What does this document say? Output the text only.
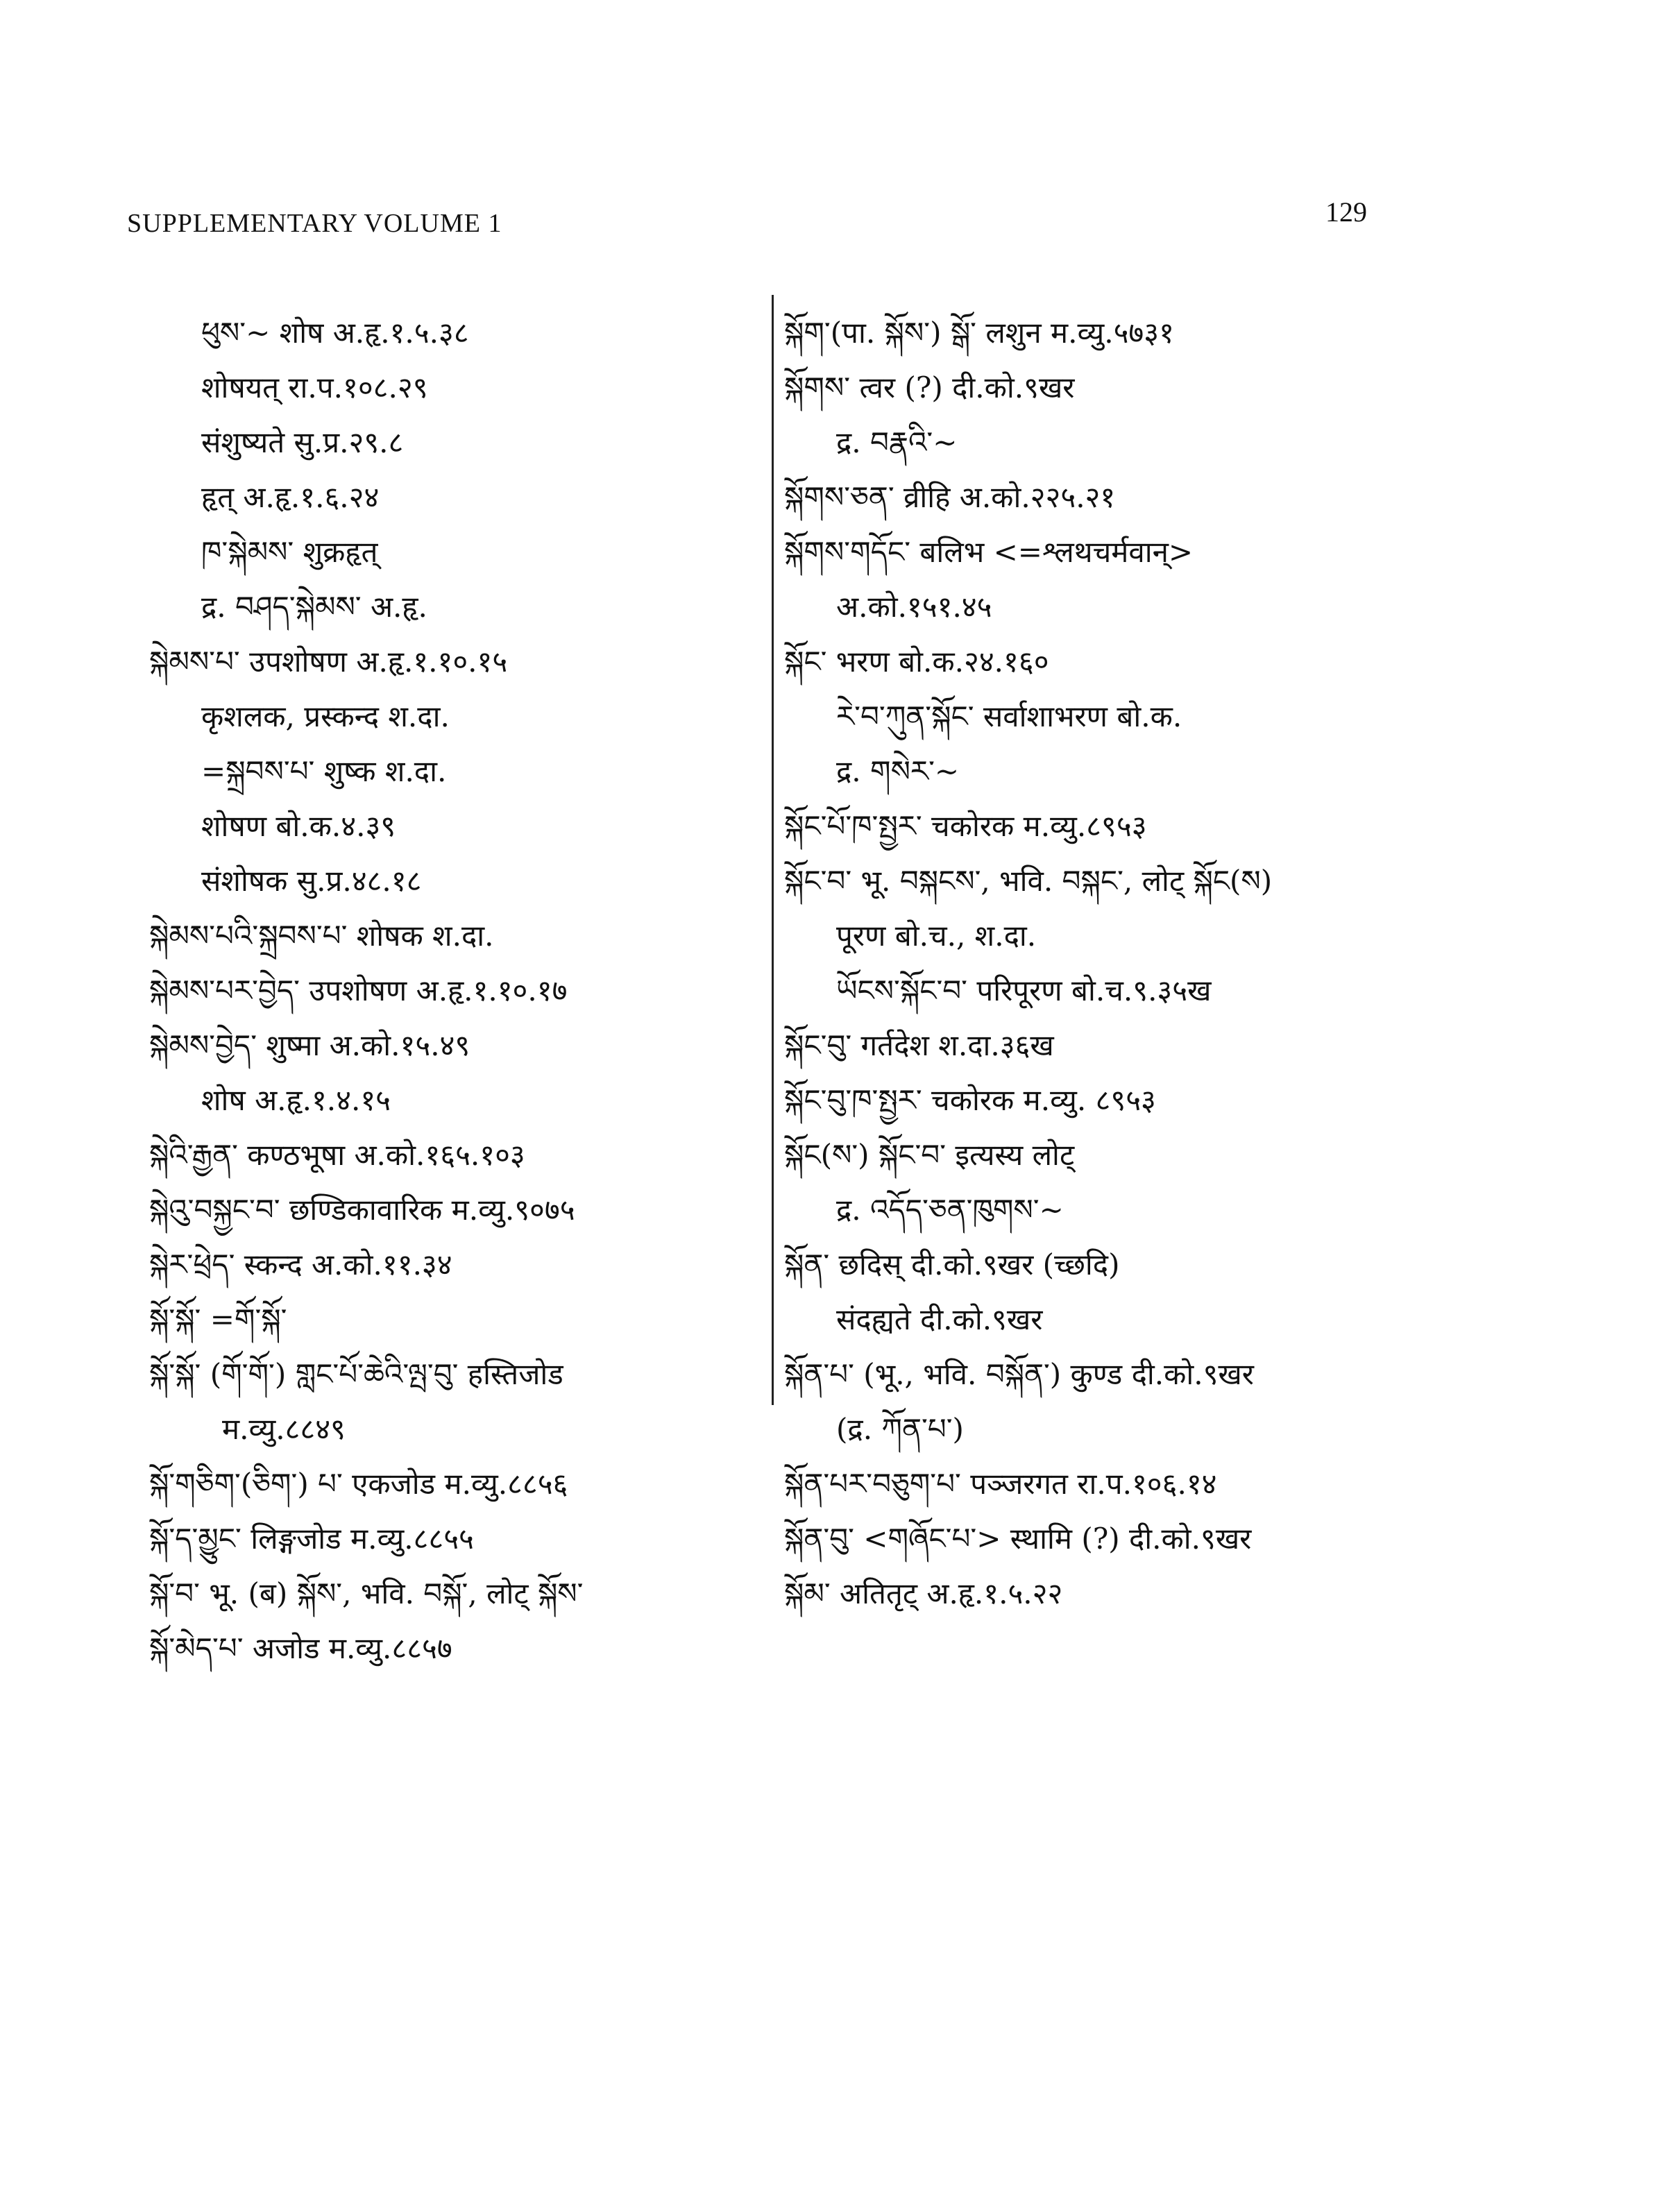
SUPPLEMENTARY VOLUME 1	129
ཕུས་~ शोष अ.हृ.१.५.३८
शोषयत् रा.प.१०८.२९
संशुष्यते सु.प्र.२९.८
हृत् अ.हृ.१.६.२४
ཁ་སྐེམས་ शुक्रहृत्
द्र. བཤད་སྐེམས་ अ.हृ.
སྐེམས་པ་ उपशोषण अ.हृ.१.१०.१५
कृशलक, प्रस्कन्द श.दा.
=སྐྲབས་པ་ शुष्क श.दा.
शोषण बो.क.४.३९
संशोषक सु.प्र.४८.१८
སྐེམས་པའི་སྐྲབས་པ་ शोषक श.दा.
སྐེམས་པར་བྱེད་ उपशोषण अ.हृ.१.१०.१७
སྐེམས་བྱེད་ शुष्मा अ.को.१५.४९
शोष अ.हृ.१.४.१५
སྐེའི་རྒྱན་ कण्ठभूषा अ.को.१६५.१०३
སྐེའུ་བསྐྱང་བ་ छण्डिकावारिक म.व्यु.९०७५
སྐེར་ཕྲེད་ स्कन्द अ.को.११.३४
སྐོ་སྐོ་ =གོ་སྐོ་
སྐོ་སྐོ་ (གོ་གོ་) གླང་པོ་ཆེའི་ལྤ་བུ་ हस्तिजोड
म.व्यु.८८४९
སྐོ་གཅིག་(ཅིག་) པ་ एकजोड म.व्यु.८८५६
སྐོ་ད་མྱུང་ लिङ्गजोड म.व्यु.८८५५
སྐོ་བ་ भू. (ब) སྐོས་, भवि. བསྐོ་, लोट् སྐོས་
སྐོ་མེད་པ་ अजोड म.व्यु.८८५७
སྐོག་(पा. སྐོས་) སྒོ་ लशुन म.व्यु.५७३१
སྐོགས་ त्वर (?) दी.को.९खर
द्र. བརྣའི་~
སྐོགས་ཅན་ व्रीहि अ.को.२२५.२१
སྐོགས་གདོང་ बलिभ <=श्लथचर्मवान्>
अ.को.१५१.४५
སྐོང་ भरण बो.क.२४.१६०
རེ་བ་ཀུན་སྐོང་ सर्वाशाभरण बो.क.
द्र. གསེར་~
སྐོང་པོ་ཁ་སྤྱར་ चकोरक म.व्यु.८९५३
སྐོང་བ་ भू. བསྐངས་, भवि. བསྐང་, लोट् སྐོང(ས)
पूरण बो.च., श.दा.
ཡོངས་སྐོང་བ་ परिपूरण बो.च.९.३५ख
སྐོང་བུ་ गर्तदेश श.दा.३६ख
སྐོང་བུ་ཁ་སྤྱར་ चकोरक म.व्यु. ८९५३
སྐོང(ས་) སྐོང་བ་ इत्यस्य लोट्
द्र. འདོད་ཅན་ཁུགས་~
སྐོན་ छदिस् दी.को.९खर (च्छदि)
संदह्यते दी.को.९खर
སྐོན་པ་ (भू., भवि. བསྐོན་) कुण्ड दी.को.९खर
(द्र. ཀོན་པ་)
སྐོན་པར་བཅུག་པ་ पञ्जरगत रा.प.१०६.१४
སྐོན་བུ་ <གཞོང་པ་> स्थामि (?) दी.को.९खर
སྐོམ་ अतितृट् अ.हृ.१.५.२२
